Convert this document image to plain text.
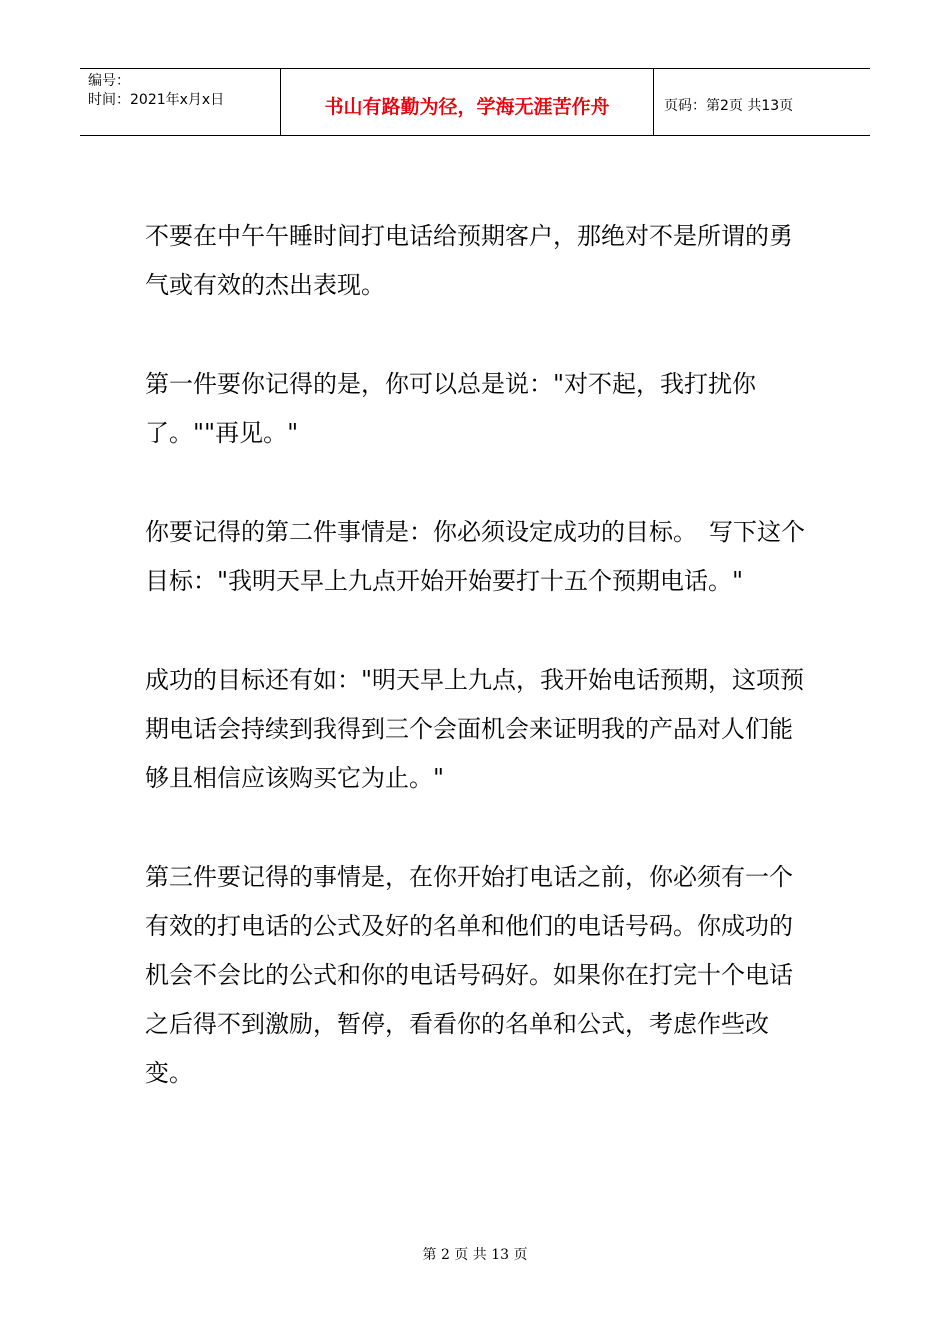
编号：
时间：2021年x月x日	书山有路勤为径，学海无涯苦作舟	页码：第2页 共13页

不要在中午午睡时间打电话给预期客户，那绝对不是所谓的勇气或有效的杰出表现。

第一件要你记得的是，你可以总是说："对不起，我打扰你了。""再见。"

你要记得的第二件事情是：你必须设定成功的目标。　写下这个目标："我明天早上九点开始开始要打十五个预期电话。"

成功的目标还有如："明天早上九点，我开始电话预期，这项预期电话会持续到我得到三个会面机会来证明我的产品对人们能够且相信应该购买它为止。"

第三件要记得的事情是，在你开始打电话之前，你必须有一个有效的打电话的公式及好的名单和他们的电话号码。你成功的机会不会比的公式和你的电话号码好。如果你在打完十个电话之后得不到激励，暂停，看看你的名单和公式，考虑作些改变。

第 2 页 共 13 页
